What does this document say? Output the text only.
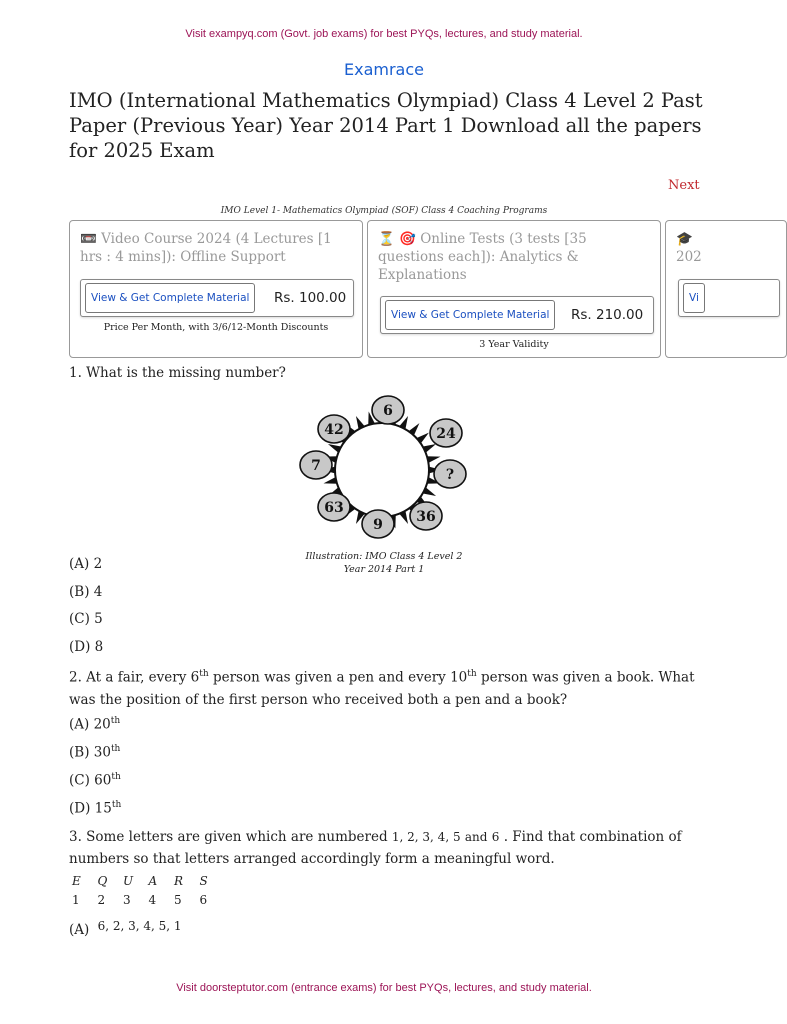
Visit exampyq.com (Govt. job exams) for best PYQs, lectures, and study material.
Examrace
IMO (International Mathematics Olympiad) Class 4 Level 2 Past Paper (Previous Year) Year 2014 Part 1 Download all the papers for 2025 Exam
Next
IMO Level 1- Mathematics Olympiad (SOF) Class 4 Coaching Programs
📼 Video Course 2024 (4 Lectures [1 hrs : 4 mins]): Offline Support
View & Get Complete Material	Rs. 100.00
Price Per Month, with 3/6/12-Month Discounts
⏳ 🎯 Online Tests (3 tests [35 questions each]): Analytics & Explanations
View & Get Complete Material	Rs. 210.00
3 Year Validity
🎓
202
Vi
1. What is the missing number?
6
24
?
36
9
63
7
42
Illustration: IMO Class 4 Level 2
Year 2014 Part 1
(A) 2
(B) 4
(C) 5
(D) 8
2. At a fair, every 6th person was given a pen and every 10th person was given a book. What was the position of the first person who received both a pen and a book?
(A) 20th
(B) 30th
(C) 60th
(D) 15th
3. Some letters are given which are numbered 1, 2, 3, 4, 5 and 6 . Find that combination of numbers so that letters arranged accordingly form a meaningful word.
E Q U A R S
1 2 3 4 5 6
(A) 6, 2, 3, 4, 5, 1
Visit doorsteptutor.com (entrance exams) for best PYQs, lectures, and study material.
